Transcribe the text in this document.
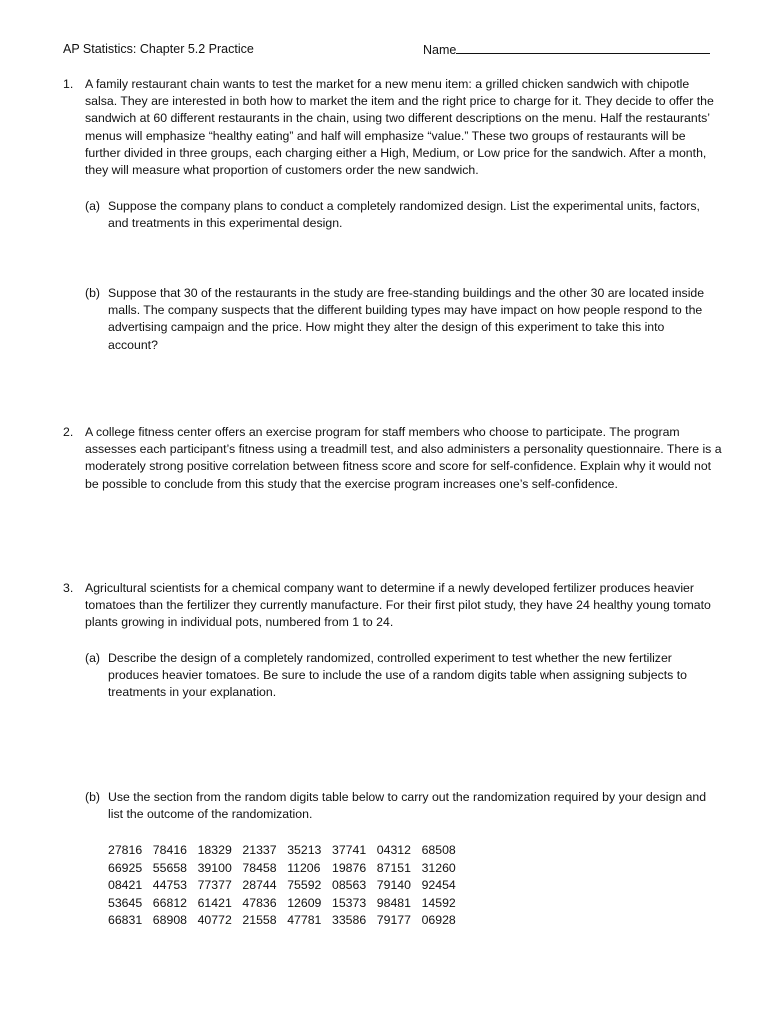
AP Statistics: Chapter 5.2 Practice	Name
1. A family restaurant chain wants to test the market for a new menu item: a grilled chicken sandwich with chipotle salsa. They are interested in both how to market the item and the right price to charge for it. They decide to offer the sandwich at 60 different restaurants in the chain, using two different descriptions on the menu. Half the restaurants’ menus will emphasize “healthy eating” and half will emphasize “value.” These two groups of restaurants will be further divided in three groups, each charging either a High, Medium, or Low price for the sandwich. After a month, they will measure what proportion of customers order the new sandwich.
(a) Suppose the company plans to conduct a completely randomized design. List the experimental units, factors, and treatments in this experimental design.
(b) Suppose that 30 of the restaurants in the study are free-standing buildings and the other 30 are located inside malls. The company suspects that the different building types may have impact on how people respond to the advertising campaign and the price. How might they alter the design of this experiment to take this into account?
2. A college fitness center offers an exercise program for staff members who choose to participate. The program assesses each participant’s fitness using a treadmill test, and also administers a personality questionnaire. There is a moderately strong positive correlation between fitness score and score for self-confidence. Explain why it would not be possible to conclude from this study that the exercise program increases one’s self-confidence.
3. Agricultural scientists for a chemical company want to determine if a newly developed fertilizer produces heavier tomatoes than the fertilizer they currently manufacture. For their first pilot study, they have 24 healthy young tomato plants growing in individual pots, numbered from 1 to 24.
(a) Describe the design of a completely randomized, controlled experiment to test whether the new fertilizer produces heavier tomatoes. Be sure to include the use of a random digits table when assigning subjects to treatments in your explanation.
(b) Use the section from the random digits table below to carry out the randomization required by your design and list the outcome of the randomization.
27816 78416 18329 21337 35213 37741 04312 68508
66925 55658 39100 78458 11206 19876 87151 31260
08421 44753 77377 28744 75592 08563 79140 92454
53645 66812 61421 47836 12609 15373 98481 14592
66831 68908 40772 21558 47781 33586 79177 06928
